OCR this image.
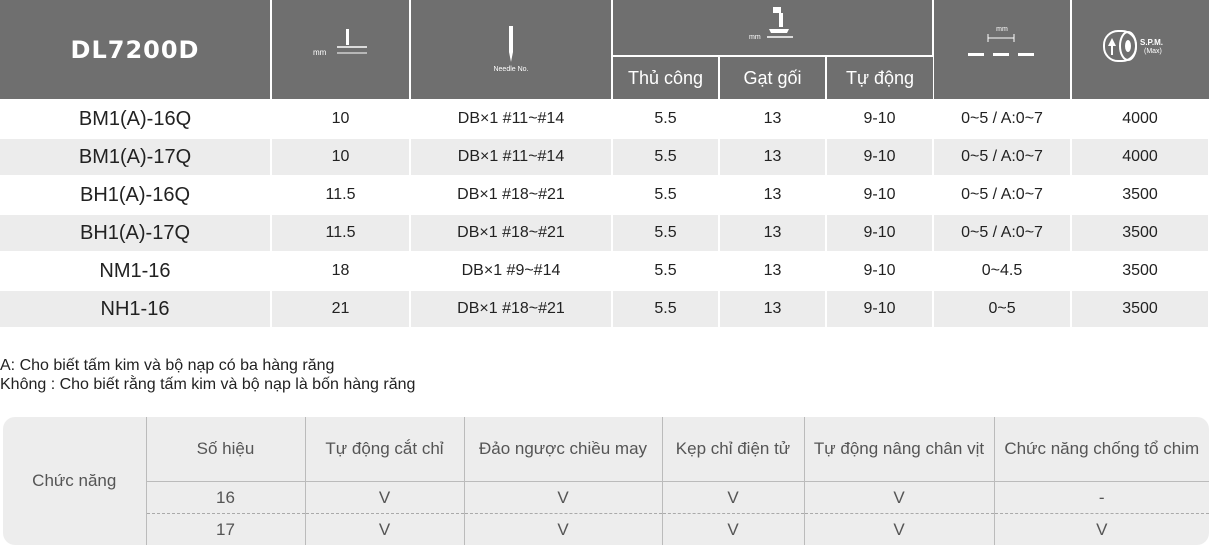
DL7200D	mm	Needle No.	mm			mm	S.P.M.
(Max)

			Thủ công	Gạt gối	Tự động		
BM1(A)-16Q	10	DB×1 #11~#14	5.5	13	9-10	0~5 / A:0~7	4000
BM1(A)-17Q	10	DB×1 #11~#14	5.5	13	9-10	0~5 / A:0~7	4000
BH1(A)-16Q	11.5	DB×1 #18~#21	5.5	13	9-10	0~5 / A:0~7	3500
BH1(A)-17Q	11.5	DB×1 #18~#21	5.5	13	9-10	0~5 / A:0~7	3500
NM1-16	18	DB×1 #9~#14	5.5	13	9-10	0~4.5	3500
NH1-16	21	DB×1 #18~#21	5.5	13	9-10	0~5	3500
A: Cho biết tấm kim và bộ nạp có ba hàng răng
Không : Cho biết rằng tấm kim và bộ nạp là bốn hàng răng
Chức năng	Số hiệu	Tự động cắt chỉ	Đảo ngược chiều may	Kẹp chỉ điện tử	Tự động nâng chân vịt	Chức năng chống tổ chim
	16	V	V	V	V	-
	17	V	V	V	V	V
